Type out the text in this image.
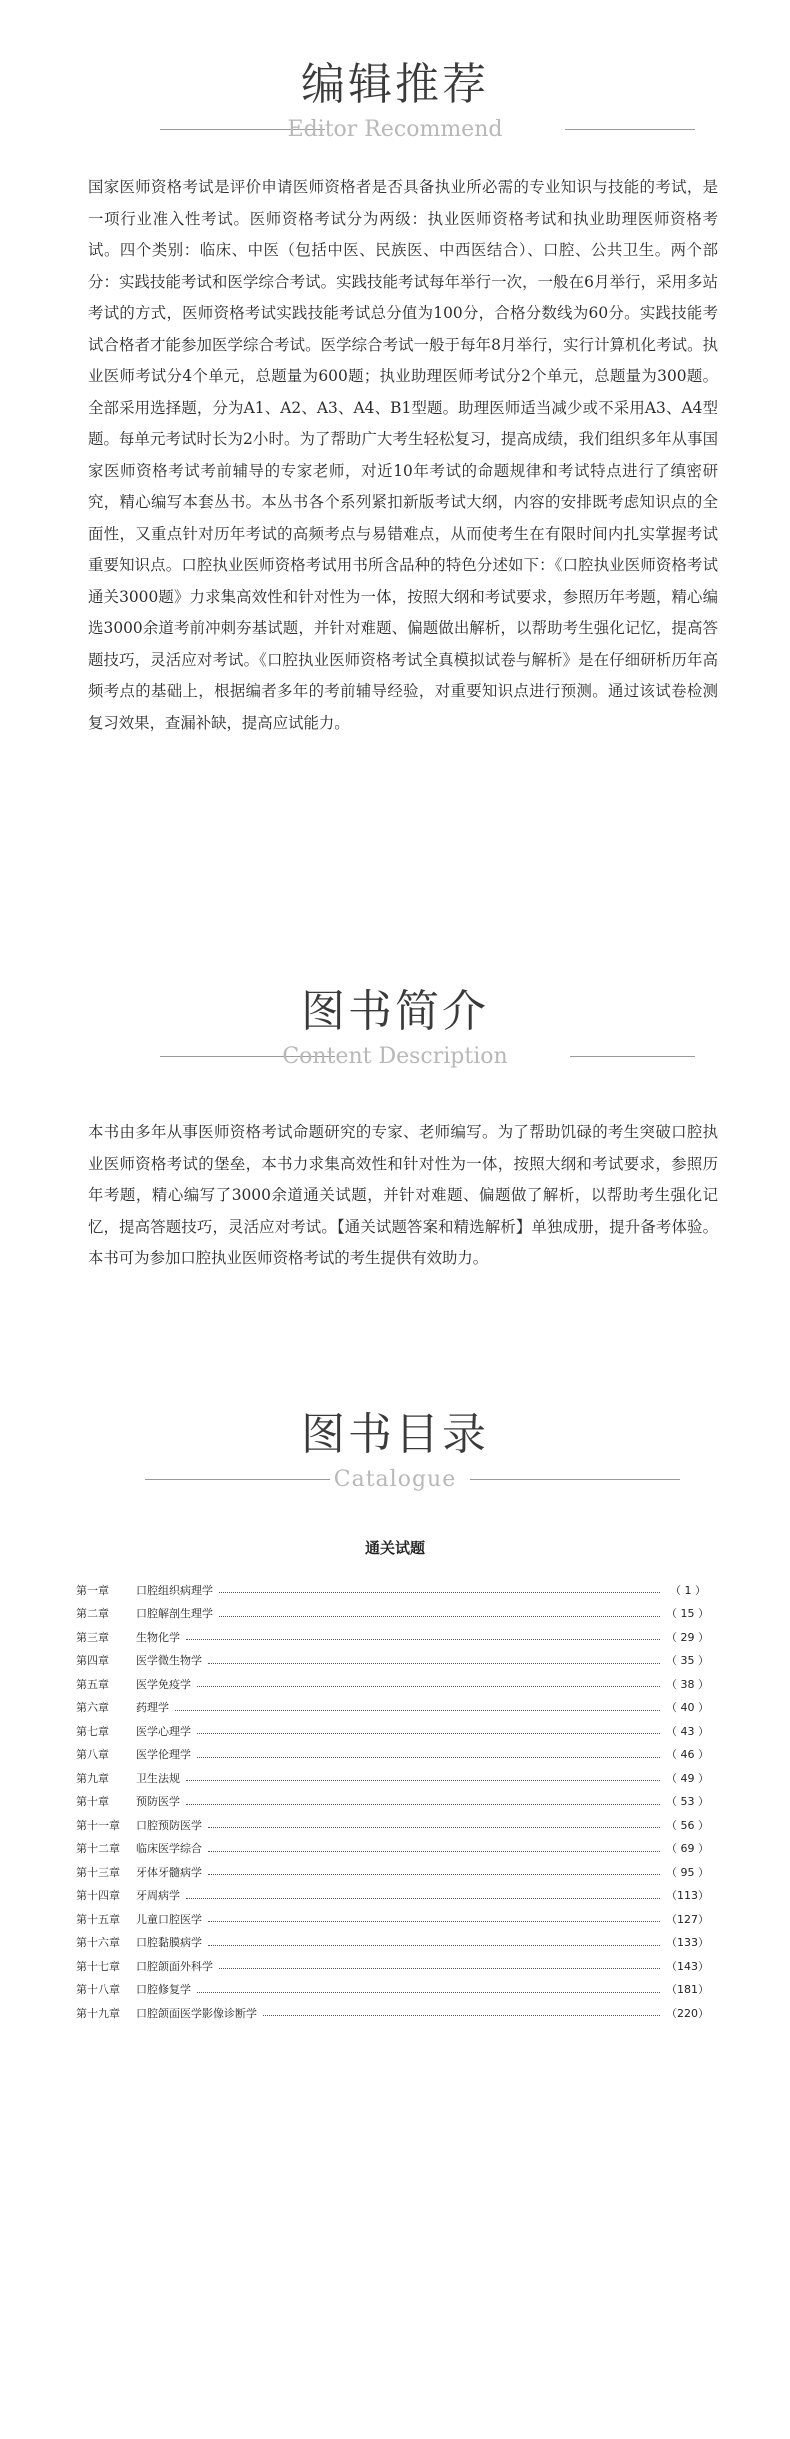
编辑推荐
Editor Recommend

国家医师资格考试是评价申请医师资格者是否具备执业所必需的专业知识与技能的考试，是一项行业准入性考试。医师资格考试分为两级：执业医师资格考试和执业助理医师资格考试。四个类别：临床、中医（包括中医、民族医、中西医结合）、口腔、公共卫生。两个部分：实践技能考试和医学综合考试。实践技能考试每年举行一次，一般在6月举行，采用多站考试的方式，医师资格考试实践技能考试总分值为100分，合格分数线为60分。实践技能考试合格者才能参加医学综合考试。医学综合考试一般于每年8月举行，实行计算机化考试。执业医师考试分4个单元，总题量为600题；执业助理医师考试分2个单元，总题量为300题。全部采用选择题，分为A1、A2、A3、A4、B1型题。助理医师适当减少或不采用A3、A4型题。每单元考试时长为2小时。为了帮助广大考生轻松复习，提高成绩，我们组织多年从事国家医师资格考试考前辅导的专家老师，对近10年考试的命题规律和考试特点进行了缜密研究，精心编写本套丛书。本丛书各个系列紧扣新版考试大纲，内容的安排既考虑知识点的全面性，又重点针对历年考试的高频考点与易错难点，从而使考生在有限时间内扎实掌握考试重要知识点。口腔执业医师资格考试用书所含品种的特色分述如下：《口腔执业医师资格考试通关3000题》力求集高效性和针对性为一体，按照大纲和考试要求，参照历年考题，精心编选3000余道考前冲刺夯基试题，并针对难题、偏题做出解析，以帮助考生强化记忆，提高答题技巧，灵活应对考试。《口腔执业医师资格考试全真模拟试卷与解析》是在仔细研析历年高频考点的基础上，根据编者多年的考前辅导经验，对重要知识点进行预测。通过该试卷检测复习效果，查漏补缺，提高应试能力。

图书简介
Content Description

本书由多年从事医师资格考试命题研究的专家、老师编写。为了帮助饥碌的考生突破口腔执业医师资格考试的堡垒，本书力求集高效性和针对性为一体，按照大纲和考试要求，参照历年考题，精心编写了3000余道通关试题，并针对难题、偏题做了解析，以帮助考生强化记忆，提高答题技巧，灵活应对考试。【通关试题答案和精选解析】单独成册，提升备考体验。本书可为参加口腔执业医师资格考试的考生提供有效助力。

图书目录
Catalogue
通关试题
第一章	口腔组织病理学	（ 1 ）
第二章	口腔解剖生理学	（ 15 ）
第三章	生物化学	（ 29 ）
第四章	医学微生物学	（ 35 ）
第五章	医学免疫学	（ 38 ）
第六章	药理学	（ 40 ）
第七章	医学心理学	（ 43 ）
第八章	医学伦理学	（ 46 ）
第九章	卫生法规	（ 49 ）
第十章	预防医学	（ 53 ）
第十一章	口腔预防医学	（ 56 ）
第十二章	临床医学综合	（ 69 ）
第十三章	牙体牙髓病学	（ 95 ）
第十四章	牙周病学	（113）
第十五章	儿童口腔医学	（127）
第十六章	口腔黏膜病学	（133）
第十七章	口腔颌面外科学	（143）
第十八章	口腔修复学	（181）
第十九章	口腔颌面医学影像诊断学	（220）
